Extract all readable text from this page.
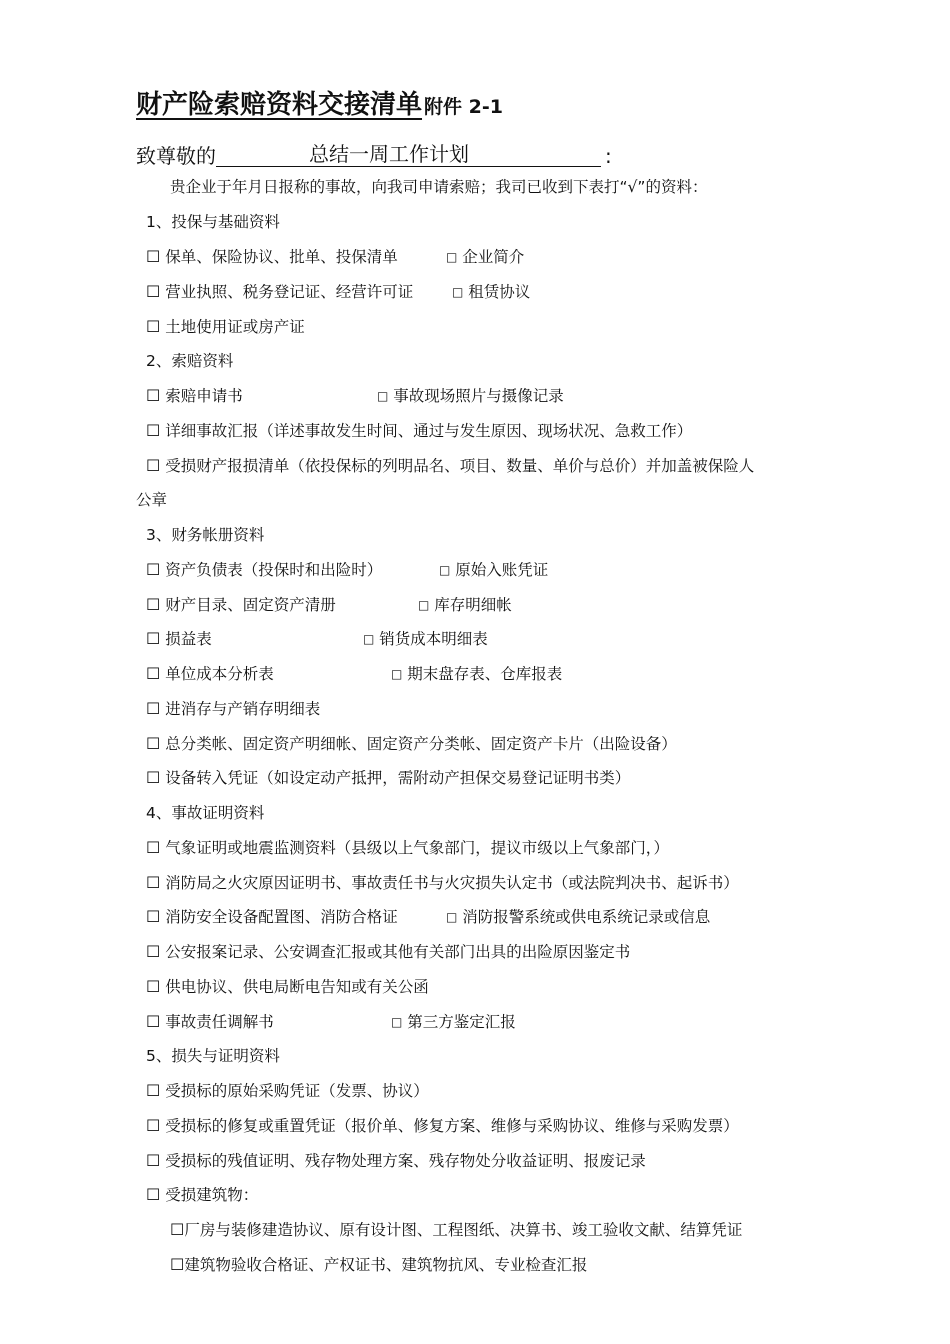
财产险索赔资料交接清单 附件 2-1
致尊敬的	总结一周工作计划	:
贵企业于年月日报称的事故，向我司申请索赔；我司已收到下表打“√”的资料：
1、投保与基础资料
☐ 保单、保险协议、批单、投保清单	□ 企业简介
☐ 营业执照、税务登记证、经营许可证	□ 租赁协议
☐ 土地使用证或房产证
2、索赔资料
☐ 索赔申请书	□ 事故现场照片与摄像记录
☐ 详细事故汇报（详述事故发生时间、通过与发生原因、现场状况、急救工作）
☐ 受损财产报损清单（依投保标的列明品名、项目、数量、单价与总价）并加盖被保险人
公章
3、财务帐册资料
☐ 资产负债表（投保时和出险时）	□ 原始入账凭证
☐ 财产目录、固定资产清册	□ 库存明细帐
☐ 损益表	□ 销货成本明细表
☐ 单位成本分析表	□ 期末盘存表、仓库报表
☐ 进消存与产销存明细表
☐ 总分类帐、固定资产明细帐、固定资产分类帐、固定资产卡片（出险设备）
☐ 设备转入凭证（如设定动产抵押，需附动产担保交易登记证明书类）
4、事故证明资料
☐ 气象证明或地震监测资料（县级以上气象部门，提议市级以上气象部门，）
☐ 消防局之火灾原因证明书、事故责任书与火灾损失认定书（或法院判决书、起诉书）
☐ 消防安全设备配置图、消防合格证	□ 消防报警系统或供电系统记录或信息
☐ 公安报案记录、公安调查汇报或其他有关部门出具的出险原因鉴定书
☐ 供电协议、供电局断电告知或有关公函
☐ 事故责任调解书	□ 第三方鉴定汇报
5、损失与证明资料
☐ 受损标的原始采购凭证（发票、协议）
☐ 受损标的修复或重置凭证（报价单、修复方案、维修与采购协议、维修与采购发票）
☐ 受损标的残值证明、残存物处理方案、残存物处分收益证明、报废记录
☐ 受损建筑物：
☐厂房与装修建造协议、原有设计图、工程图纸、决算书、竣工验收文献、结算凭证
☐建筑物验收合格证、产权证书、建筑物抗风、专业检查汇报
